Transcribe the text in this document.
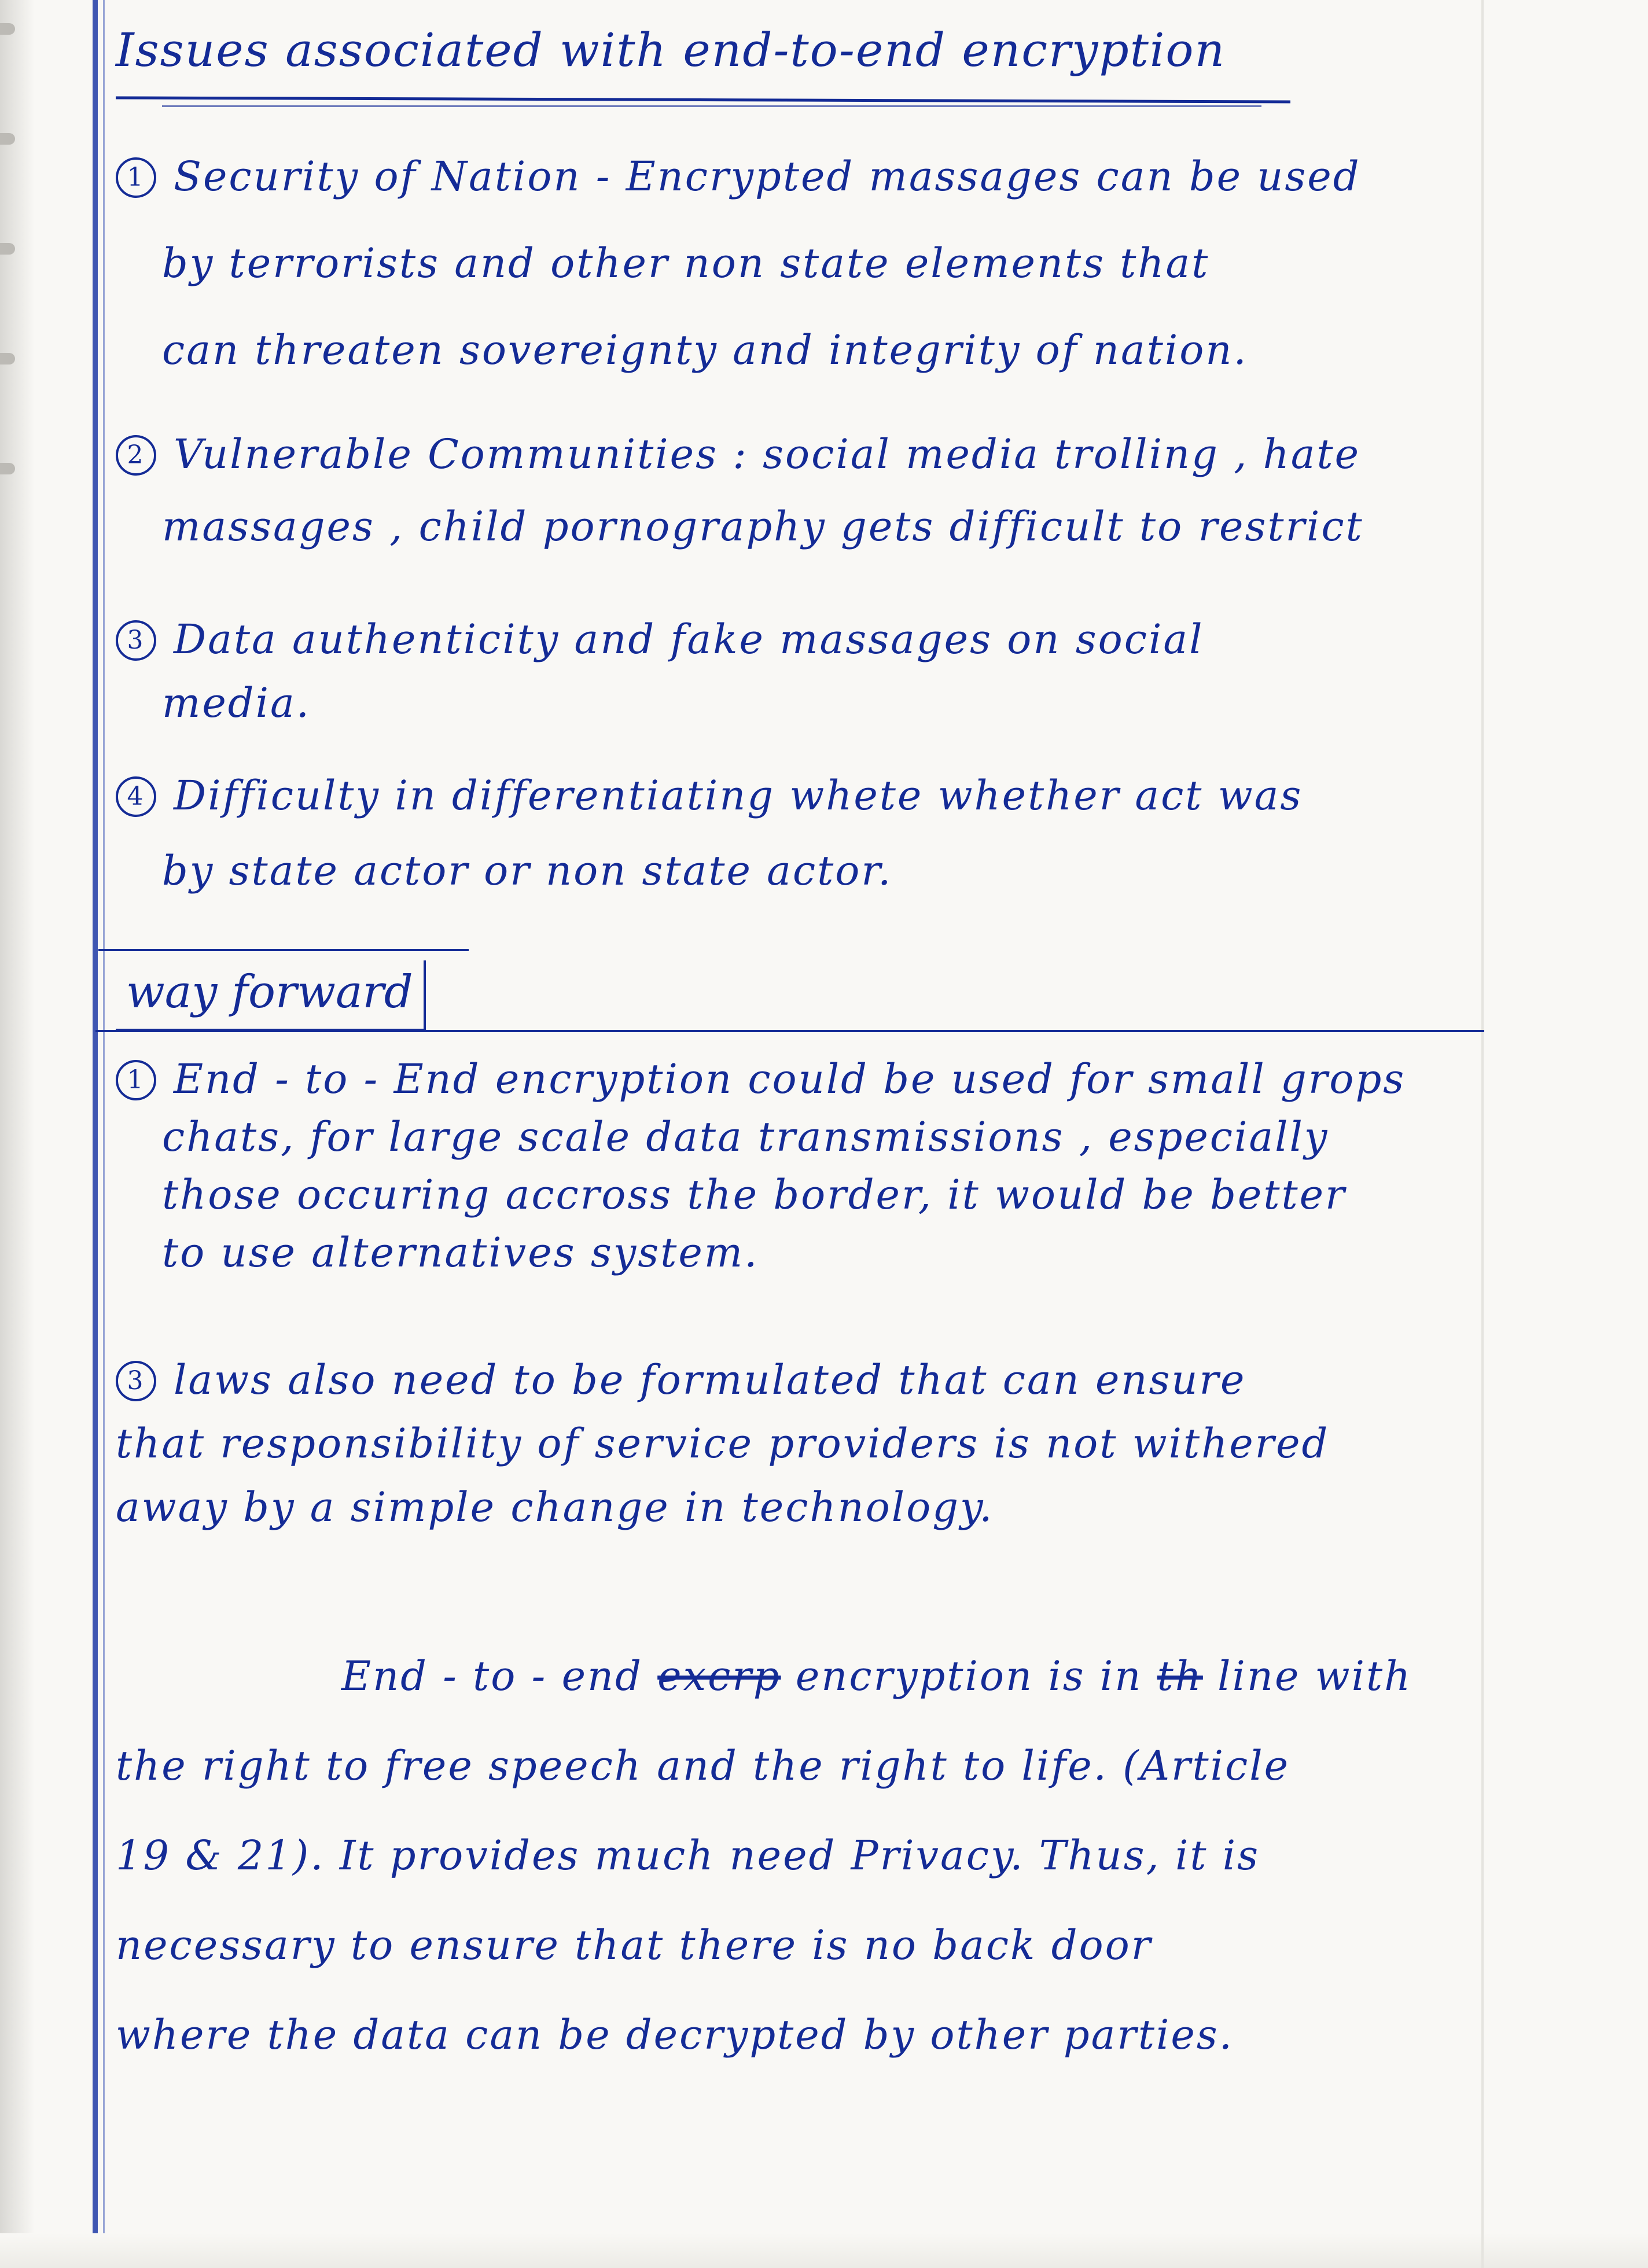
Issues associated with end-to-end encryption
1 Security of Nation - Encrypted massages can be used
by terrorists and other non state elements that
can threaten sovereignty and integrity of nation.
2 Vulnerable Communities : social media trolling , hate
massages , child pornography gets difficult to restrict
3 Data authenticity and fake massages on social
media.
4 Difficulty in differentiating whete whether act was
by state actor or non state actor.
way forward
1 End - to - End encryption could be used for small grops
chats, for large scale data transmissions , especially
those occuring accross the border, it would be better
to use alternatives system.
3 laws also need to be formulated that can ensure
that responsibility of service providers is not withered
away by a simple change in technology.
End - to - end excrp encryption is in th line with
the right to free speech and the right to life. (Article
19 & 21). It provides much need Privacy. Thus, it is
necessary to ensure that there is no back door
where the data can be decrypted by other parties.
